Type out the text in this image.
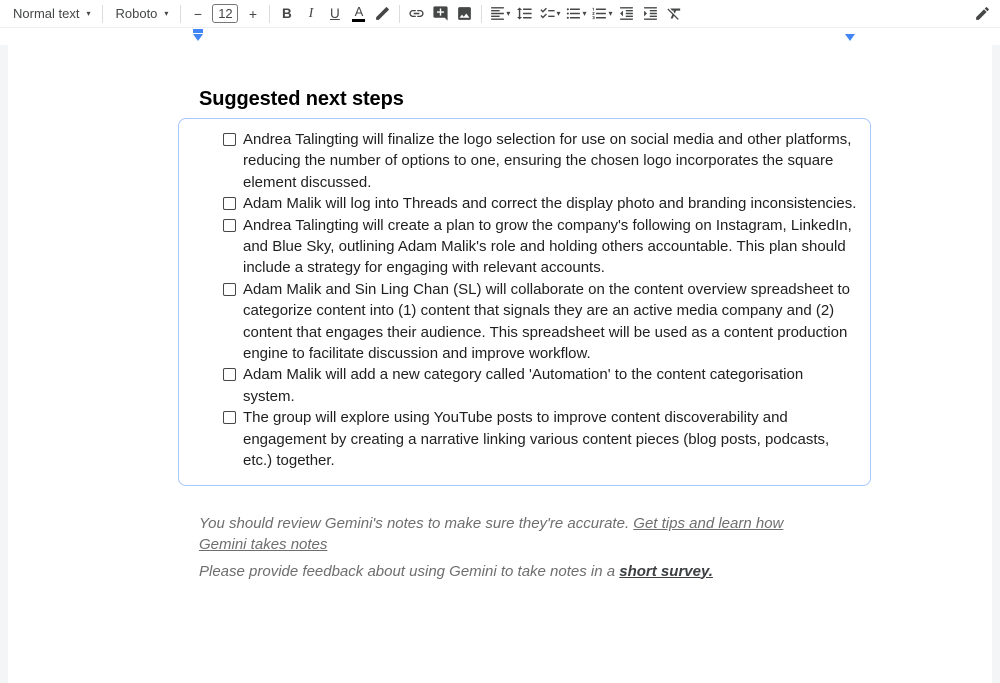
Normal text ▾ Roboto ▾	−	12	+	B	I	U	A	▾	▾	▾	▾
Suggested next steps
Andrea Talingting will finalize the logo selection for use on social media and other platforms, reducing the number of options to one, ensuring the chosen logo incorporates the square element discussed.
Adam Malik will log into Threads and correct the display photo and branding inconsistencies.
Andrea Talingting will create a plan to grow the company's following on Instagram, LinkedIn, and Blue Sky, outlining Adam Malik's role and holding others accountable. This plan should include a strategy for engaging with relevant accounts.
Adam Malik and Sin Ling Chan (SL) will collaborate on the content overview spreadsheet to categorize content into (1) content that signals they are an active media company and (2) content that engages their audience. This spreadsheet will be used as a content production engine to facilitate discussion and improve workflow.
Adam Malik will add a new category called 'Automation' to the content categorisation system.
The group will explore using YouTube posts to improve content discoverability and engagement by creating a narrative linking various content pieces (blog posts, podcasts, etc.) together.

You should review Gemini's notes to make sure they're accurate. Get tips and learn how Gemini takes notes

Please provide feedback about using Gemini to take notes in a short survey.
